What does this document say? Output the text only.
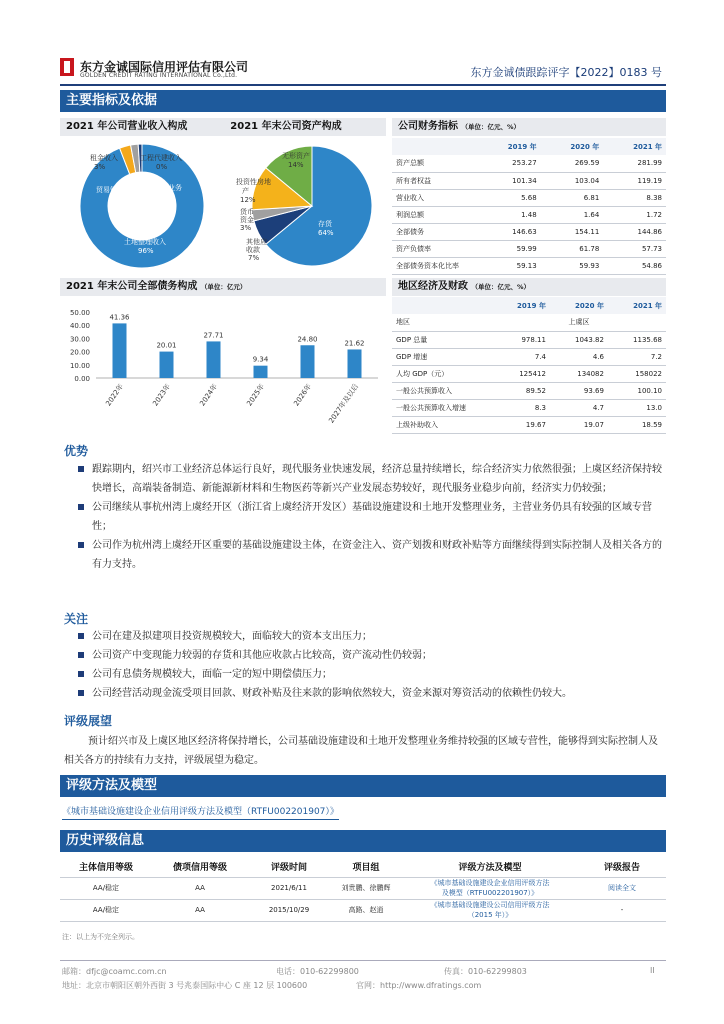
东方金诚国际信用评估有限公司
GOLDEN CREDIT RATING INTERNATIONAL Co.,Ltd.	东方金诚债跟踪评字【2022】0183 号
主要指标及依据
2021 年公司营业收入构成	2021 年末公司资产构成
租金收入 3%
工程代建收入 0%
其他业务 2%
贸易销售收入 1%
土地整理收入 96%
无形资产 14%
投资性房地产 12%
货币资金 3%
其他应收款 7%
存货 64%
2021 年末公司全部债务构成 （单位：亿元）
50.00
40.00
30.00
20.00
10.00
0.00
41.36
2022年
20.01
2023年
27.71
2024年
9.34
2025年
24.80
2026年
21.62
2027年及以后
公司财务指标 （单位：亿元、%）
	2019 年	2020 年	2021 年
资产总额	253.27	269.59	281.99
所有者权益	101.34	103.04	119.19
营业收入	5.68	6.81	8.38
利润总额	1.48	1.64	1.72
全部债务	146.63	154.11	144.86
资产负债率	59.99	61.78	57.73
全部债务资本化比率	59.13	59.93	54.86
地区经济及财政 （单位：亿元、%）
	2019 年	2020 年	2021 年
地区	上虞区		
GDP 总量	978.11	1043.82	1135.68
GDP 增速	7.4	4.6	7.2
人均 GDP（元）	125412	134082	158022
一般公共预算收入	89.52	93.69	100.10
一般公共预算收入增速	8.3	4.7	13.0
上级补助收入	19.67	19.07	18.59
优势
跟踪期内，绍兴市工业经济总体运行良好，现代服务业快速发展，经济总量持续增长，综合经济实力依然很强；上虞区经济保持较快增长，高端装备制造、新能源新材料和生物医药等新兴产业发展态势较好，现代服务业稳步向前，经济实力仍较强；
公司继续从事杭州湾上虞经开区（浙江省上虞经济开发区）基础设施建设和土地开发整理业务，主营业务仍具有较强的区域专营性；
公司作为杭州湾上虞经开区重要的基础设施建设主体，在资金注入、资产划拨和财政补贴等方面继续得到实际控制人及相关各方的有力支持。
关注
公司在建及拟建项目投资规模较大，面临较大的资本支出压力；
公司资产中变现能力较弱的存货和其他应收款占比较高，资产流动性仍较弱；
公司有息债务规模较大，面临一定的短中期偿债压力；
公司经营活动现金流受项目回款、财政补贴及往来款的影响依然较大，资金来源对筹资活动的依赖性仍较大。
评级展望
预计绍兴市及上虞区地区经济将保持增长，公司基础设施建设和土地开发整理业务维持较强的区域专营性，能够得到实际控制人及相关各方的持续有力支持，评级展望为稳定。
评级方法及模型
《城市基础设施建设企业信用评级方法及模型（RTFU002201907）》
历史评级信息
主体信用等级	债项信用等级	评级时间	项目组	评级方法及模型	评级报告
AA/稳定	AA	2021/6/11	刘贵鹏、徐鹏辉	《城市基础设施建设企业信用评级方法
及模型（RTFU002201907）》	阅读全文
AA/稳定	AA	2015/10/29	高路、赵逍	《城市基础设施建设公司信用评级方法
（2015 年）》	-
注：以上为不完全列示。
邮箱：dfjc@coamc.com.cn	电话：010-62299800	传真：010-62299803	II
地址：北京市朝阳区朝外西街 3 号兆泰国际中心 C 座 12 层 100600	官网：http://www.dfratings.com
